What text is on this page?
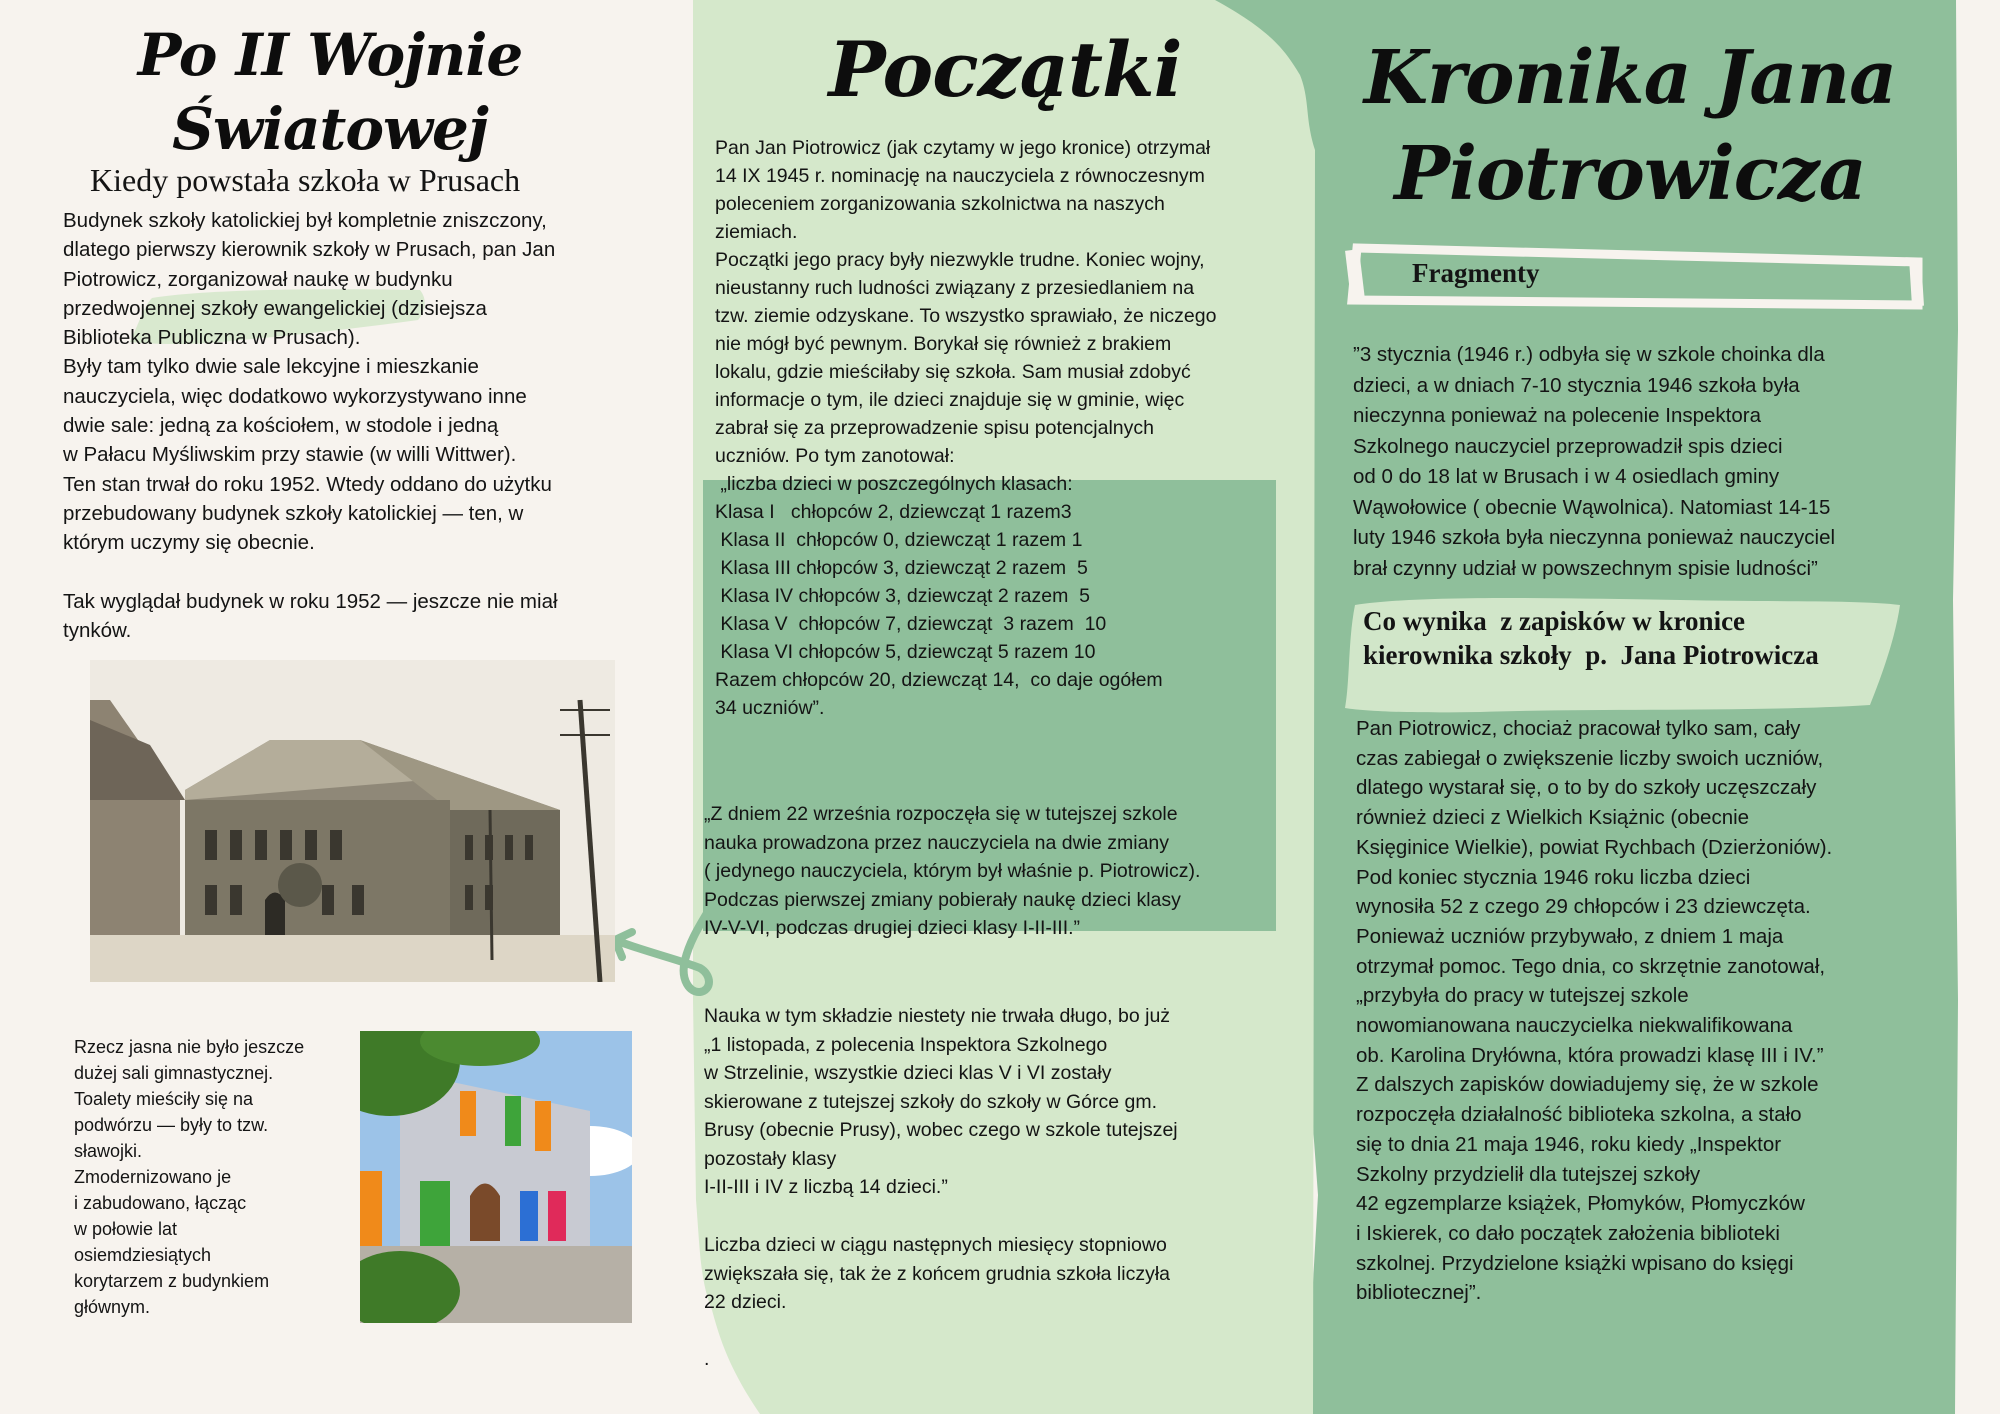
Po II Wojnie
Światowej
Kiedy powstała szkoła w Prusach
Budynek szkoły katolickiej był kompletnie zniszczony,
dlatego pierwszy kierownik szkoły w Prusach, pan Jan
Piotrowicz, zorganizował naukę w budynku
przedwojennej szkoły ewangelickiej (dzisiejsza
Biblioteka Publiczna w Prusach).
Były tam tylko dwie sale lekcyjne i mieszkanie
nauczyciela, więc dodatkowo wykorzystywano inne
dwie sale: jedną za kościołem, w stodole i jedną
w Pałacu Myśliwskim przy stawie (w willi Wittwer).
Ten stan trwał do roku 1952. Wtedy oddano do użytku
przebudowany budynek szkoły katolickiej — ten, w
którym uczymy się obecnie.

Tak wyglądał budynek w roku 1952 — jeszcze nie miał
tynków.
Rzecz jasna nie było jeszcze
dużej sali gimnastycznej.
Toalety mieściły się na
podwórzu — były to tzw.
sławojki.
Zmodernizowano je
i zabudowano, łącząc
w połowie lat
osiemdziesiątych
korytarzem z budynkiem
głównym.
Początki
Pan Jan Piotrowicz (jak czytamy w jego kronice) otrzymał
14 IX 1945 r. nominację na nauczyciela z równoczesnym
poleceniem zorganizowania szkolnictwa na naszych
ziemiach.
Początki jego pracy były niezwykle trudne. Koniec wojny,
nieustanny ruch ludności związany z przesiedlaniem na
tzw. ziemie odzyskane. To wszystko sprawiało, że niczego
nie mógł być pewnym. Borykał się również z brakiem
lokalu, gdzie mieściłaby się szkoła. Sam musiał zdobyć
informacje o tym, ile dzieci znajduje się w gminie, więc
zabrał się za przeprowadzenie spisu potencjalnych
uczniów. Po tym zanotował:
„liczba dzieci w poszczególnych klasach:
Klasa I   chłopców 2, dziewcząt 1 razem3
Klasa II  chłopców 0, dziewcząt 1 razem 1
Klasa III chłopców 3, dziewcząt 2 razem  5
Klasa IV chłopców 3, dziewcząt 2 razem  5
Klasa V  chłopców 7, dziewcząt  3 razem  10
Klasa VI chłopców 5, dziewcząt 5 razem 10
Razem chłopców 20, dziewcząt 14,  co daje ogółem
34 uczniów”.
„Z dniem 22 września rozpoczęła się w tutejszej szkole
nauka prowadzona przez nauczyciela na dwie zmiany
( jedynego nauczyciela, którym był właśnie p. Piotrowicz).
Podczas pierwszej zmiany pobierały naukę dzieci klasy
IV-V-VI, podczas drugiej dzieci klasy I-II-III.”
Nauka w tym składzie niestety nie trwała długo, bo już
„1 listopada, z polecenia Inspektora Szkolnego
w Strzelinie, wszystkie dzieci klas V i VI zostały
skierowane z tutejszej szkoły do szkoły w Górce gm.
Brusy (obecnie Prusy), wobec czego w szkole tutejszej
pozostały klasy
I-II-III i IV z liczbą 14 dzieci.”
Liczba dzieci w ciągu następnych miesięcy stopniowo
zwiększała się, tak że z końcem grudnia szkoła liczyła
22 dzieci.
.
Kronika Jana
Piotrowicza
Fragmenty
”3 stycznia (1946 r.) odbyła się w szkole choinka dla
dzieci, a w dniach 7-10 stycznia 1946 szkoła była
nieczynna ponieważ na polecenie Inspektora
Szkolnego nauczyciel przeprowadził spis dzieci
od 0 do 18 lat w Brusach i w 4 osiedlach gminy
Wąwołowice ( obecnie Wąwolnica). Natomiast 14-15
luty 1946 szkoła była nieczynna ponieważ nauczyciel
brał czynny udział w powszechnym spisie ludności”
Co wynika  z zapisków w kronice
kierownika szkoły  p.  Jana Piotrowicza
Pan Piotrowicz, chociaż pracował tylko sam, cały
czas zabiegał o zwiększenie liczby swoich uczniów,
dlatego wystarał się, o to by do szkoły uczęszczały
również dzieci z Wielkich Książnic (obecnie
Księginice Wielkie), powiat Rychbach (Dzierżoniów).
Pod koniec stycznia 1946 roku liczba dzieci
wynosiła 52 z czego 29 chłopców i 23 dziewczęta.
Ponieważ uczniów przybywało, z dniem 1 maja
otrzymał pomoc. Tego dnia, co skrzętnie zanotował,
„przybyła do pracy w tutejszej szkole
nowomianowana nauczycielka niekwalifikowana
ob. Karolina Dryłówna, która prowadzi klasę III i IV.”
Z dalszych zapisków dowiadujemy się, że w szkole
rozpoczęła działalność biblioteka szkolna, a stało
się to dnia 21 maja 1946, roku kiedy „Inspektor
Szkolny przydzielił dla tutejszej szkoły
42 egzemplarze książek, Płomyków, Płomyczków
i Iskierek, co dało początek założenia biblioteki
szkolnej. Przydzielone książki wpisano do księgi
bibliotecznej”.
